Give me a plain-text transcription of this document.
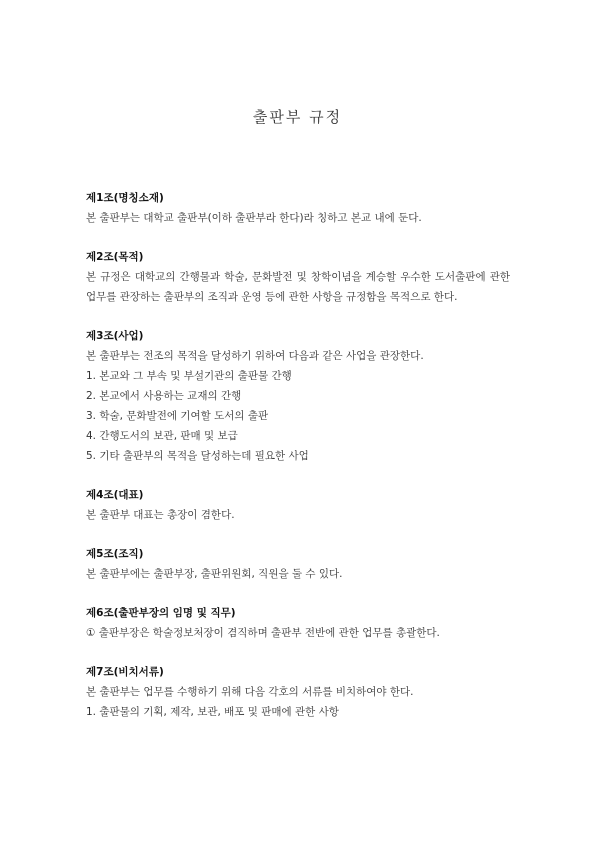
출판부 규정
제1조(명칭소재)
본 출판부는 대학교 출판부(이하 출판부라 한다)라 칭하고 본교 내에 둔다.
제2조(목적)
본 규정은 대학교의 간행물과 학술, 문화발전 및 창학이념을 계승할 우수한 도서출판에 관한 업무를 관장하는 출판부의 조직과 운영 등에 관한 사항을 규정함을 목적으로 한다.
제3조(사업)
본 출판부는 전조의 목적을 달성하기 위하여 다음과 같은 사업을 관장한다.
1. 본교와 그 부속 및 부설기관의 출판물 간행
2. 본교에서 사용하는 교재의 간행
3. 학술, 문화발전에 기여할 도서의 출판
4. 간행도서의 보관, 판매 및 보급
5. 기타 출판부의 목적을 달성하는데 필요한 사업
제4조(대표)
본 출판부 대표는 총장이 겸한다.
제5조(조직)
본 출판부에는 출판부장, 출판위원회, 직원을 둘 수 있다.
제6조(출판부장의 임명 및 직무)
① 출판부장은 학술정보처장이 겸직하며 출판부 전반에 관한 업무를 총괄한다.
제7조(비치서류)
본 출판부는 업무를 수행하기 위해 다음 각호의 서류를 비치하여야 한다.
1. 출판물의 기획, 제작, 보관, 배포 및 판매에 관한 사항
